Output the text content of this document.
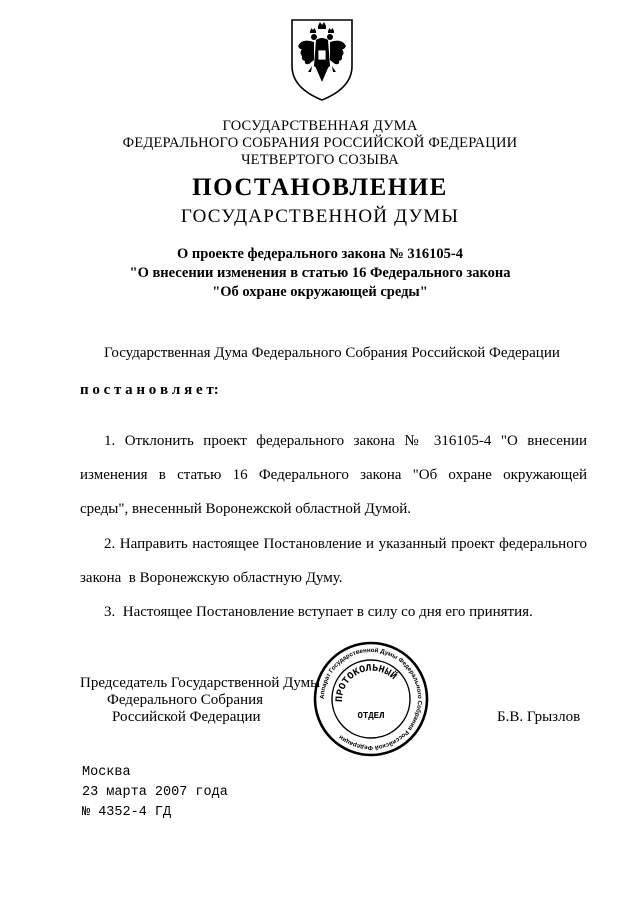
ГОСУДАРСТВЕННАЯ ДУМА
ФЕДЕРАЛЬНОГО СОБРАНИЯ РОССИЙСКОЙ ФЕДЕРАЦИИ
ЧЕТВЕРТОГО СОЗЫВА
ПОСТАНОВЛЕНИЕ
ГОСУДАРСТВЕННОЙ ДУМЫ
О проекте федерального закона № 316105-4
"О внесении изменения в статью 16 Федерального закона
"Об охране окружающей среды"
Государственная Дума Федерального Собрания Российской Федерации
п о с т а н о в л я е т:
1. Отклонить проект федерального закона № 316105-4 "О внесении
изменения в статью 16 Федерального закона "Об охране окружающей
среды", внесенный Воронежской областной Думой.
2. Направить настоящее Постановление и указанный проект федерального
закона  в Воронежскую областную Думу.
3.  Настоящее Постановление вступает в силу со дня его принятия.
Председатель Государственной Думы
Федерального Собрания
Российской Федерации	Б.В. Грызлов
Аппарат Государственной Думы Федерального Собрания Российской Федерации
ПРОТОКОЛЬНЫЙ
ОТДЕЛ
Москва
23 марта 2007 года
№ 4352-4 ГД
